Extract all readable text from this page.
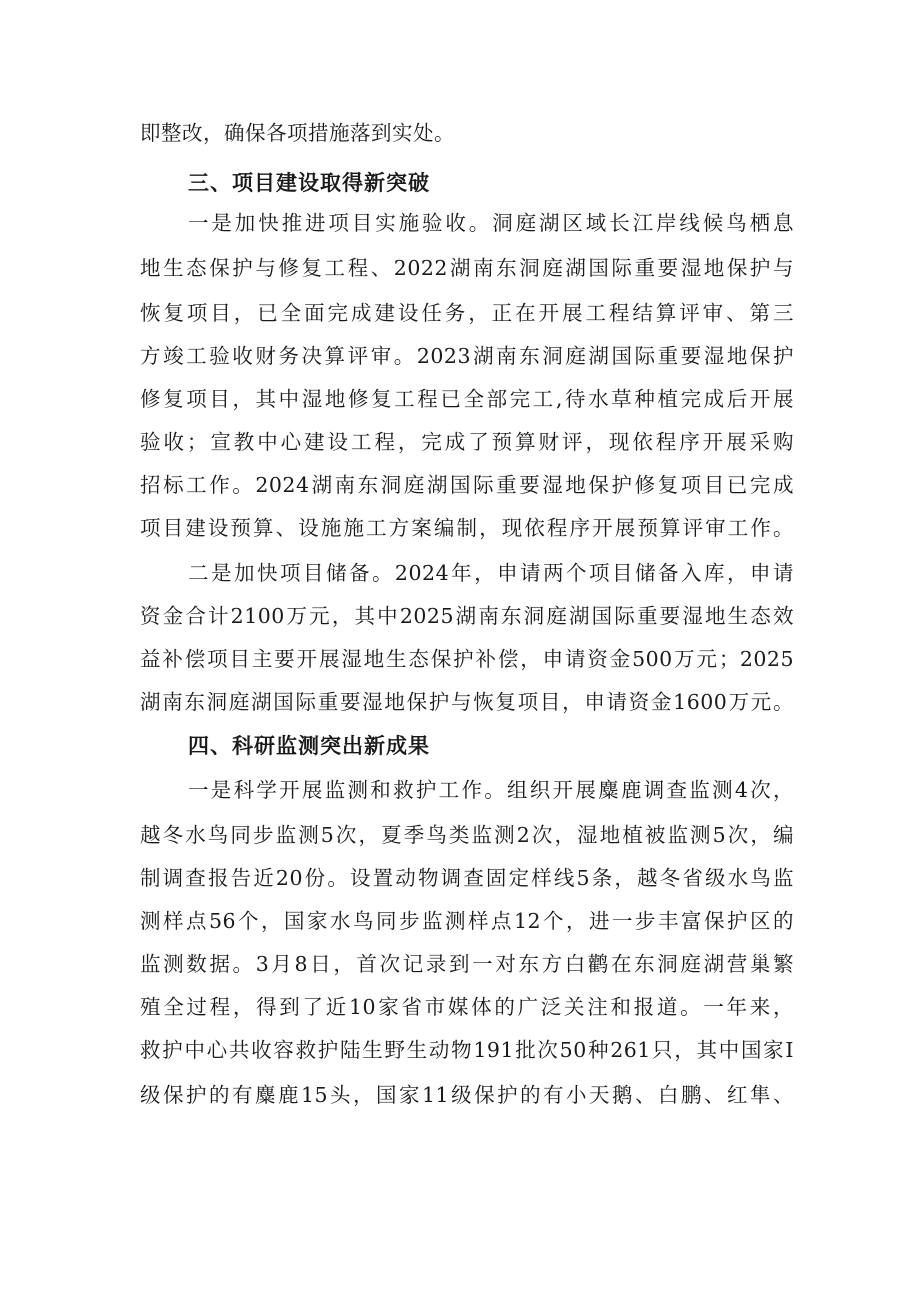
即整改，确保各项措施落到实处。
三、项目建设取得新突破
一是加快推进项目实施验收。洞庭湖区域长江岸线候鸟栖息
地生态保护与修复工程、2022湖南东洞庭湖国际重要湿地保护与
恢复项目，已全面完成建设任务，正在开展工程结算评审、第三
方竣工验收财务决算评审。2023湖南东洞庭湖国际重要湿地保护
修复项目，其中湿地修复工程已全部完工,待水草种植完成后开展
验收；宣教中心建设工程，完成了预算财评，现依程序开展采购
招标工作。2024湖南东洞庭湖国际重要湿地保护修复项目已完成
项目建设预算、设施施工方案编制，现依程序开展预算评审工作。
二是加快项目储备。2024年，申请两个项目储备入库，申请
资金合计2100万元，其中2025湖南东洞庭湖国际重要湿地生态效
益补偿项目主要开展湿地生态保护补偿，申请资金500万元；2025
湖南东洞庭湖国际重要湿地保护与恢复项目，申请资金1600万元。
四、科研监测突出新成果
一是科学开展监测和救护工作。组织开展麋鹿调查监测4次，
越冬水鸟同步监测5次，夏季鸟类监测2次，湿地植被监测5次，编
制调查报告近20份。设置动物调查固定样线5条，越冬省级水鸟监
测样点56个，国家水鸟同步监测样点12个，进一步丰富保护区的
监测数据。3月8日，首次记录到一对东方白鹳在东洞庭湖营巢繁
殖全过程，得到了近10家省市媒体的广泛关注和报道。一年来，
救护中心共收容救护陆生野生动物191批次50种261只，其中国家I
级保护的有麋鹿15头，国家11级保护的有小天鹅、白鹏、红隼、
